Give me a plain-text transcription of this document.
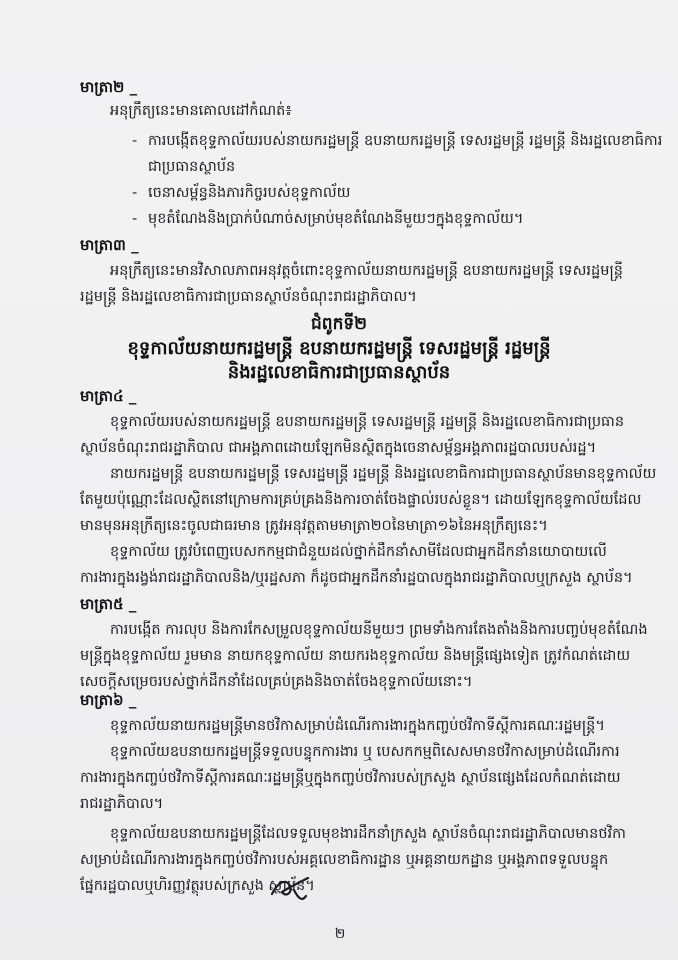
មាត្រា២ _
អនុក្រឹត្យនេះមានគោលដៅកំណត់៖
- ការបង្កើតខុទ្ទកាល័យរបស់នាយករដ្ឋមន្ត្រី ឧបនាយករដ្ឋមន្ត្រី ទេសរដ្ឋមន្ត្រី រដ្ឋមន្ត្រី និងរដ្ឋលេខាធិការ
ជាប្រធានស្ថាប័ន
- ចេនាសម្ព័ន្ធនិងភារកិច្ចរបស់ខុទ្ទកាល័យ
- មុខតំណែងនិងប្រាក់បំណាច់សម្រាប់មុខតំណែងនីមួយៗក្នុងខុទ្ទកាល័យ។
មាត្រា៣ _
អនុក្រឹត្យនេះមានវិសាលភាពអនុវត្តចំពោះខុទ្ទកាល័យនាយករដ្ឋមន្ត្រី ឧបនាយករដ្ឋមន្ត្រី ទេសរដ្ឋមន្ត្រី
រដ្ឋមន្ត្រី និងរដ្ឋលេខាធិការជាប្រធានស្ថាប័នចំណុះរាជរដ្ឋាភិបាល។
ជំពូកទី២
ខុទ្ទកាល័យនាយករដ្ឋមន្ត្រី ឧបនាយករដ្ឋមន្ត្រី ទេសរដ្ឋមន្ត្រី រដ្ឋមន្ត្រី
និងរដ្ឋលេខាធិការជាប្រធានស្ថាប័ន
មាត្រា៤ _
ខុទ្ទកាល័យរបស់នាយករដ្ឋមន្ត្រី ឧបនាយករដ្ឋមន្ត្រី ទេសរដ្ឋមន្ត្រី រដ្ឋមន្ត្រី និងរដ្ឋលេខាធិការជាប្រធាន
ស្ថាប័នចំណុះរាជរដ្ឋាភិបាល ជាអង្គភាពដោយឡែកមិនស្ថិតក្នុងចេនាសម្ព័ន្ធអង្គភាពរដ្ឋបាលរបស់រដ្ឋ។
នាយករដ្ឋមន្ត្រី ឧបនាយករដ្ឋមន្ត្រី ទេសរដ្ឋមន្ត្រី រដ្ឋមន្ត្រី និងរដ្ឋលេខាធិការជាប្រធានស្ថាប័នមានខុទ្ទកាល័យ
តែមួយប៉ុណ្ណោះដែលស្ថិតនៅក្រោមការគ្រប់គ្រងនិងការចាត់ចែងផ្ទាល់របស់ខ្លួន។ ដោយឡែកខុទ្ទកាល័យដែល
មានមុនអនុក្រឹត្យនេះចូលជាធរមាន ត្រូវអនុវត្តតាមមាត្រា២០នៃមាត្រា១៦នៃអនុក្រឹត្យនេះ។
ខុទ្ទកាល័យ ត្រូវបំពេញបេសកកម្មជាជំនួយដល់ថ្នាក់ដឹកនាំសាមីដែលជាអ្នកដឹកនាំនយោបាយលើ
ការងារក្នុងរង្វង់រាជរដ្ឋាភិបាលនិង/ឬរដ្ឋសភា ក៏ដូចជាអ្នកដឹកនាំរដ្ឋបាលក្នុងរាជរដ្ឋាភិបាលឬក្រសួង ស្ថាប័ន។
មាត្រា៥ _
ការបង្កើត ការលុប និងការកែសម្រួលខុទ្ទកាល័យនីមួយៗ ព្រមទាំងការតែងតាំងនិងការបញ្ចប់មុខតំណែង
មន្ត្រីក្នុងខុទ្ទកាល័យ រួមមាន នាយកខុទ្ទកាល័យ នាយករងខុទ្ទកាល័យ និងមន្ត្រីផ្សេងទៀត ត្រូវកំណត់ដោយ
សេចក្តីសម្រេចរបស់ថ្នាក់ដឹកនាំដែលគ្រប់គ្រងនិងចាត់ចែងខុទ្ទកាល័យនោះ។
មាត្រា៦ _
ខុទ្ទកាល័យនាយករដ្ឋមន្ត្រីមានថវិកាសម្រាប់ដំណើរការងារក្នុងកញ្ចប់ថវិកាទីស្តីការគណៈរដ្ឋមន្ត្រី។
ខុទ្ទកាល័យឧបនាយករដ្ឋមន្ត្រីទទួលបន្ទុកការងារ ឬ បេសកកម្មពិសេសមានថវិកាសម្រាប់ដំណើរការ
ការងារក្នុងកញ្ចប់ថវិកាទីស្តីការគណៈរដ្ឋមន្ត្រីឬក្នុងកញ្ចប់ថវិការបស់ក្រសួង ស្ថាប័នផ្សេងដែលកំណត់ដោយ
រាជរដ្ឋាភិបាល។
ខុទ្ទកាល័យឧបនាយករដ្ឋមន្ត្រីដែលទទួលមុខងារដឹកនាំក្រសួង ស្ថាប័នចំណុះរាជរដ្ឋាភិបាលមានថវិកា
សម្រាប់ដំណើរការងារក្នុងកញ្ចប់ថវិការបស់អគ្គលេខាធិការដ្ឋាន ឬអគ្គនាយកដ្ឋាន ឬអង្គភាពទទួលបន្ទុក
ផ្នែករដ្ឋបាលឬហិរញ្ញវត្ថុរបស់ក្រសួង ស្ថាប័ន។
២
